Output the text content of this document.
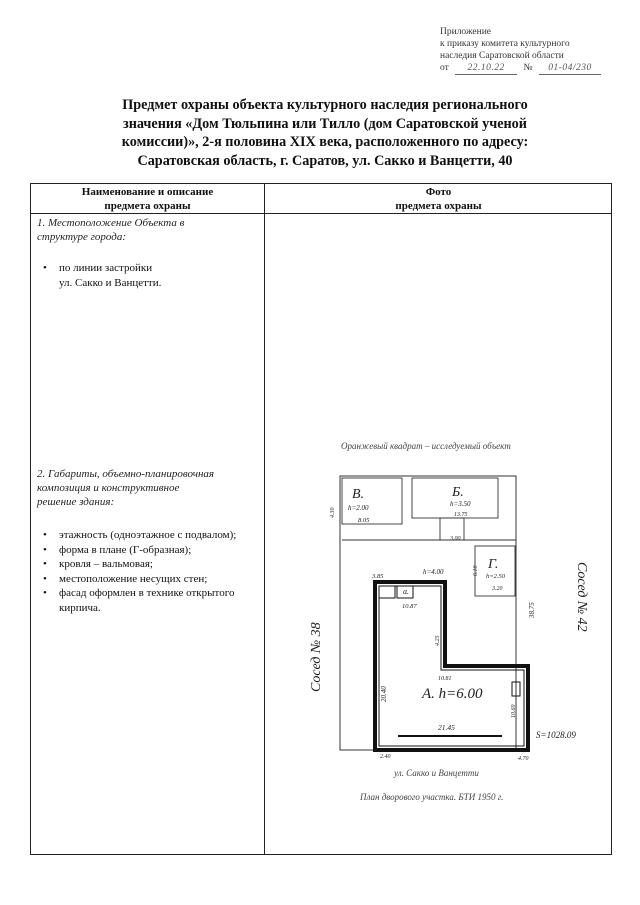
Приложение
к приказу комитета культурного
наследия Саратовской области
от 22.10.22 № 01-04/230
Предмет охраны объекта культурного наследия регионального
значения «Дом Тюльпина или Тилло (дом Саратовской ученой
комиссии)», 2-я половина XIX века, расположенного по адресу:
Саратовская область, г. Саратов, ул. Сакко и Ванцетти, 40
Наименование и описание
предмета охраны
Фото
предмета охраны
1. Местоположение Объекта в
структуре города:
• по линии застройки
ул. Сакко и Ванцетти.
2. Габариты, объемно-планировочная
композиция и конструктивное
решение здания:
• этажность (одноэтажное с подвалом);
• форма в плане (Г-образная);
• кровля – вальмовая;
• местоположение несущих стен;
• фасад оформлен в технике открытого кирпича.
Оранжевый квадрат – исследуемый объект
В.
h=2.00
8.05
Б.
h=3.50
13.75
3.00
Г.
h=2.50
6.10
3.20
3.85
h=4.00
а.
10.87
4.25
10.81
20.40 А. h=6.00
21.45
10.60
38.75
4.30
2.40	4.70
Сосед № 38
Сосед № 42
S=1028.09
ул. Сакко и Ванцетти
План дворового участка. БТИ 1950 г.
